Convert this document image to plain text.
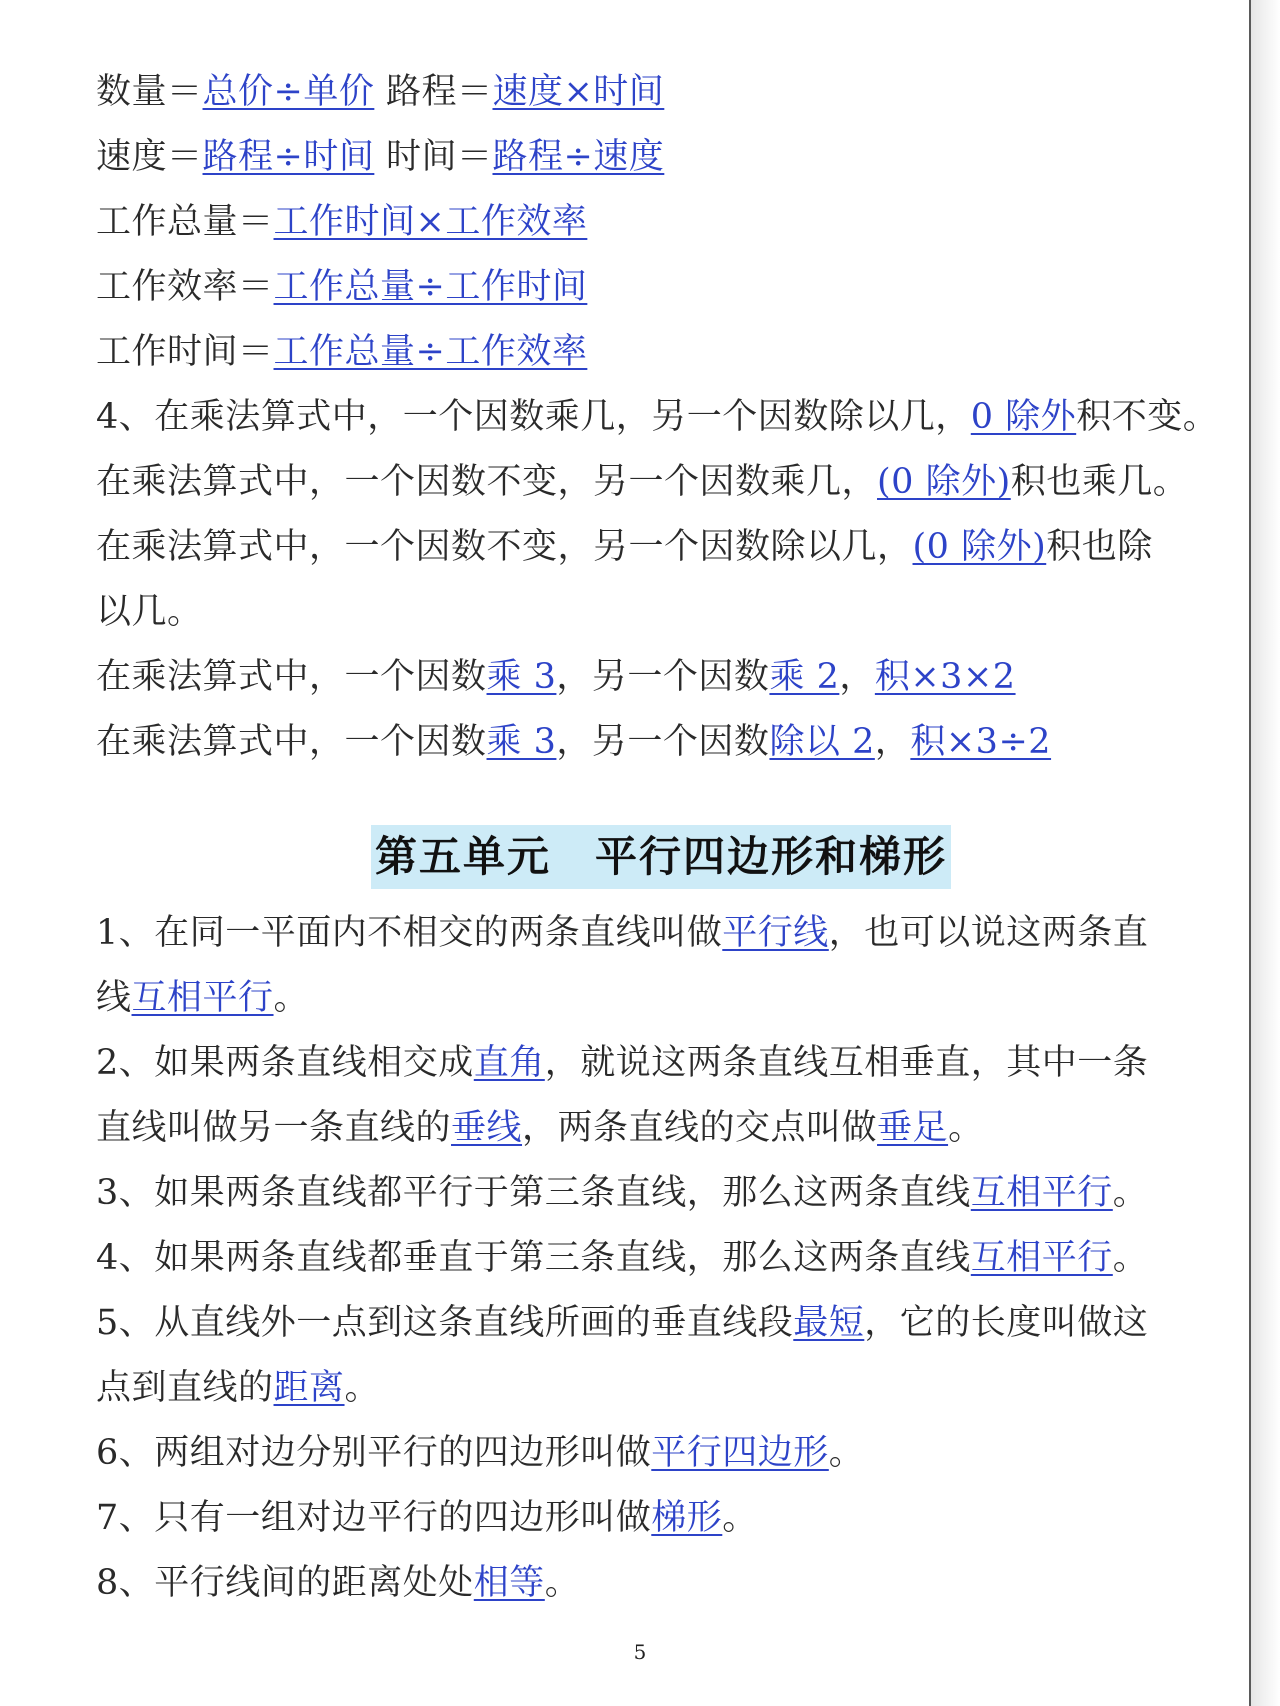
数量＝总价÷单价 路程＝速度×时间
速度＝路程÷时间 时间＝路程÷速度
工作总量＝工作时间×工作效率
工作效率＝工作总量÷工作时间
工作时间＝工作总量÷工作效率
4、在乘法算式中，一个因数乘几，另一个因数除以几，0 除外积不变。
在乘法算式中，一个因数不变，另一个因数乘几，(0 除外)积也乘几。
在乘法算式中，一个因数不变，另一个因数除以几，(0 除外)积也除
以几。
在乘法算式中，一个因数乘 3，另一个因数乘 2，积×3×2
在乘法算式中，一个因数乘 3，另一个因数除以 2，积×3÷2
第五单元　平行四边形和梯形
1、在同一平面内不相交的两条直线叫做平行线，也可以说这两条直
线互相平行。
2、如果两条直线相交成直角，就说这两条直线互相垂直，其中一条
直线叫做另一条直线的垂线，两条直线的交点叫做垂足。
3、如果两条直线都平行于第三条直线，那么这两条直线互相平行。
4、如果两条直线都垂直于第三条直线，那么这两条直线互相平行。
5、从直线外一点到这条直线所画的垂直线段最短，它的长度叫做这
点到直线的距离。
6、两组对边分别平行的四边形叫做平行四边形。
7、只有一组对边平行的四边形叫做梯形。
8、平行线间的距离处处相等。
5
